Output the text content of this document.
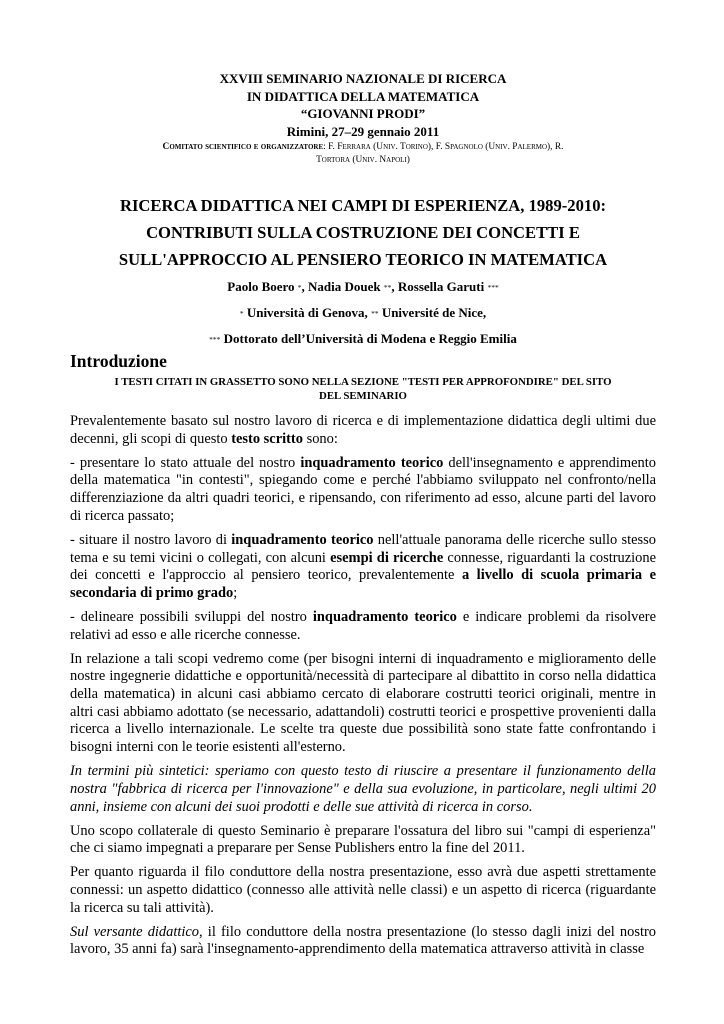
XXVIII SEMINARIO NAZIONALE DI RICERCA
IN DIDATTICA DELLA MATEMATICA
“GIOVANNI PRODI”
Rimini, 27–29 gennaio 2011
Comitato scientifico e organizzatore: F. Ferrara (Univ. Torino), F. Spagnolo (Univ. Palermo), R.
Tortora (Univ. Napoli)
RICERCA DIDATTICA NEI CAMPI DI ESPERIENZA, 1989-2010:
CONTRIBUTI SULLA COSTRUZIONE DEI CONCETTI E
SULL'APPROCCIO AL PENSIERO TEORICO IN MATEMATICA
Paolo Boero *, Nadia Douek **, Rossella Garuti ***
* Università di Genova, ** Université de Nice,
*** Dottorato dell’Università di Modena e Reggio Emilia
Introduzione
I TESTI CITATI IN GRASSETTO SONO NELLA SEZIONE "TESTI PER APPROFONDIRE" DEL SITO
DEL SEMINARIO

Prevalentemente basato sul nostro lavoro di ricerca e di implementazione didattica degli ultimi due decenni, gli scopi di questo testo scritto sono:

- presentare lo stato attuale del nostro inquadramento teorico dell'insegnamento e apprendimento della matematica "in contesti", spiegando come e perché l'abbiamo sviluppato nel confronto/nella differenziazione da altri quadri teorici, e ripensando, con riferimento ad esso, alcune parti del lavoro di ricerca passato;

- situare il nostro lavoro di inquadramento teorico nell'attuale panorama delle ricerche sullo stesso tema e su temi vicini o collegati, con alcuni esempi di ricerche connesse, riguardanti la costruzione dei concetti e l'approccio al pensiero teorico, prevalentemente a livello di scuola primaria e secondaria di primo grado;

- delineare possibili sviluppi del nostro inquadramento teorico e indicare problemi da risolvere relativi ad esso e alle ricerche connesse.

In relazione a tali scopi vedremo come (per bisogni interni di inquadramento e miglioramento delle nostre ingegnerie didattiche e opportunità/necessità di partecipare al dibattito in corso nella didattica della matematica) in alcuni casi abbiamo cercato di elaborare costrutti teorici originali, mentre in altri casi abbiamo adottato (se necessario, adattandoli) costrutti teorici e prospettive provenienti dalla ricerca a livello internazionale. Le scelte tra queste due possibilità sono state fatte confrontando i bisogni interni con le teorie esistenti all'esterno.

In termini più sintetici: speriamo con questo testo di riuscire a presentare il funzionamento della nostra "fabbrica di ricerca per l'innovazione" e della sua evoluzione, in particolare, negli ultimi 20 anni, insieme con alcuni dei suoi prodotti e delle sue attività di ricerca in corso.

Uno scopo collaterale di questo Seminario è preparare l'ossatura del libro sui "campi di esperienza" che ci siamo impegnati a preparare per Sense Publishers entro la fine del 2011.

Per quanto riguarda il filo conduttore della nostra presentazione, esso avrà due aspetti strettamente connessi: un aspetto didattico (connesso alle attività nelle classi) e un aspetto di ricerca (riguardante la ricerca su tali attività).

Sul versante didattico, il filo conduttore della nostra presentazione (lo stesso dagli inizi del nostro lavoro, 35 anni fa) sarà l'insegnamento-apprendimento della matematica attraverso attività in classe
